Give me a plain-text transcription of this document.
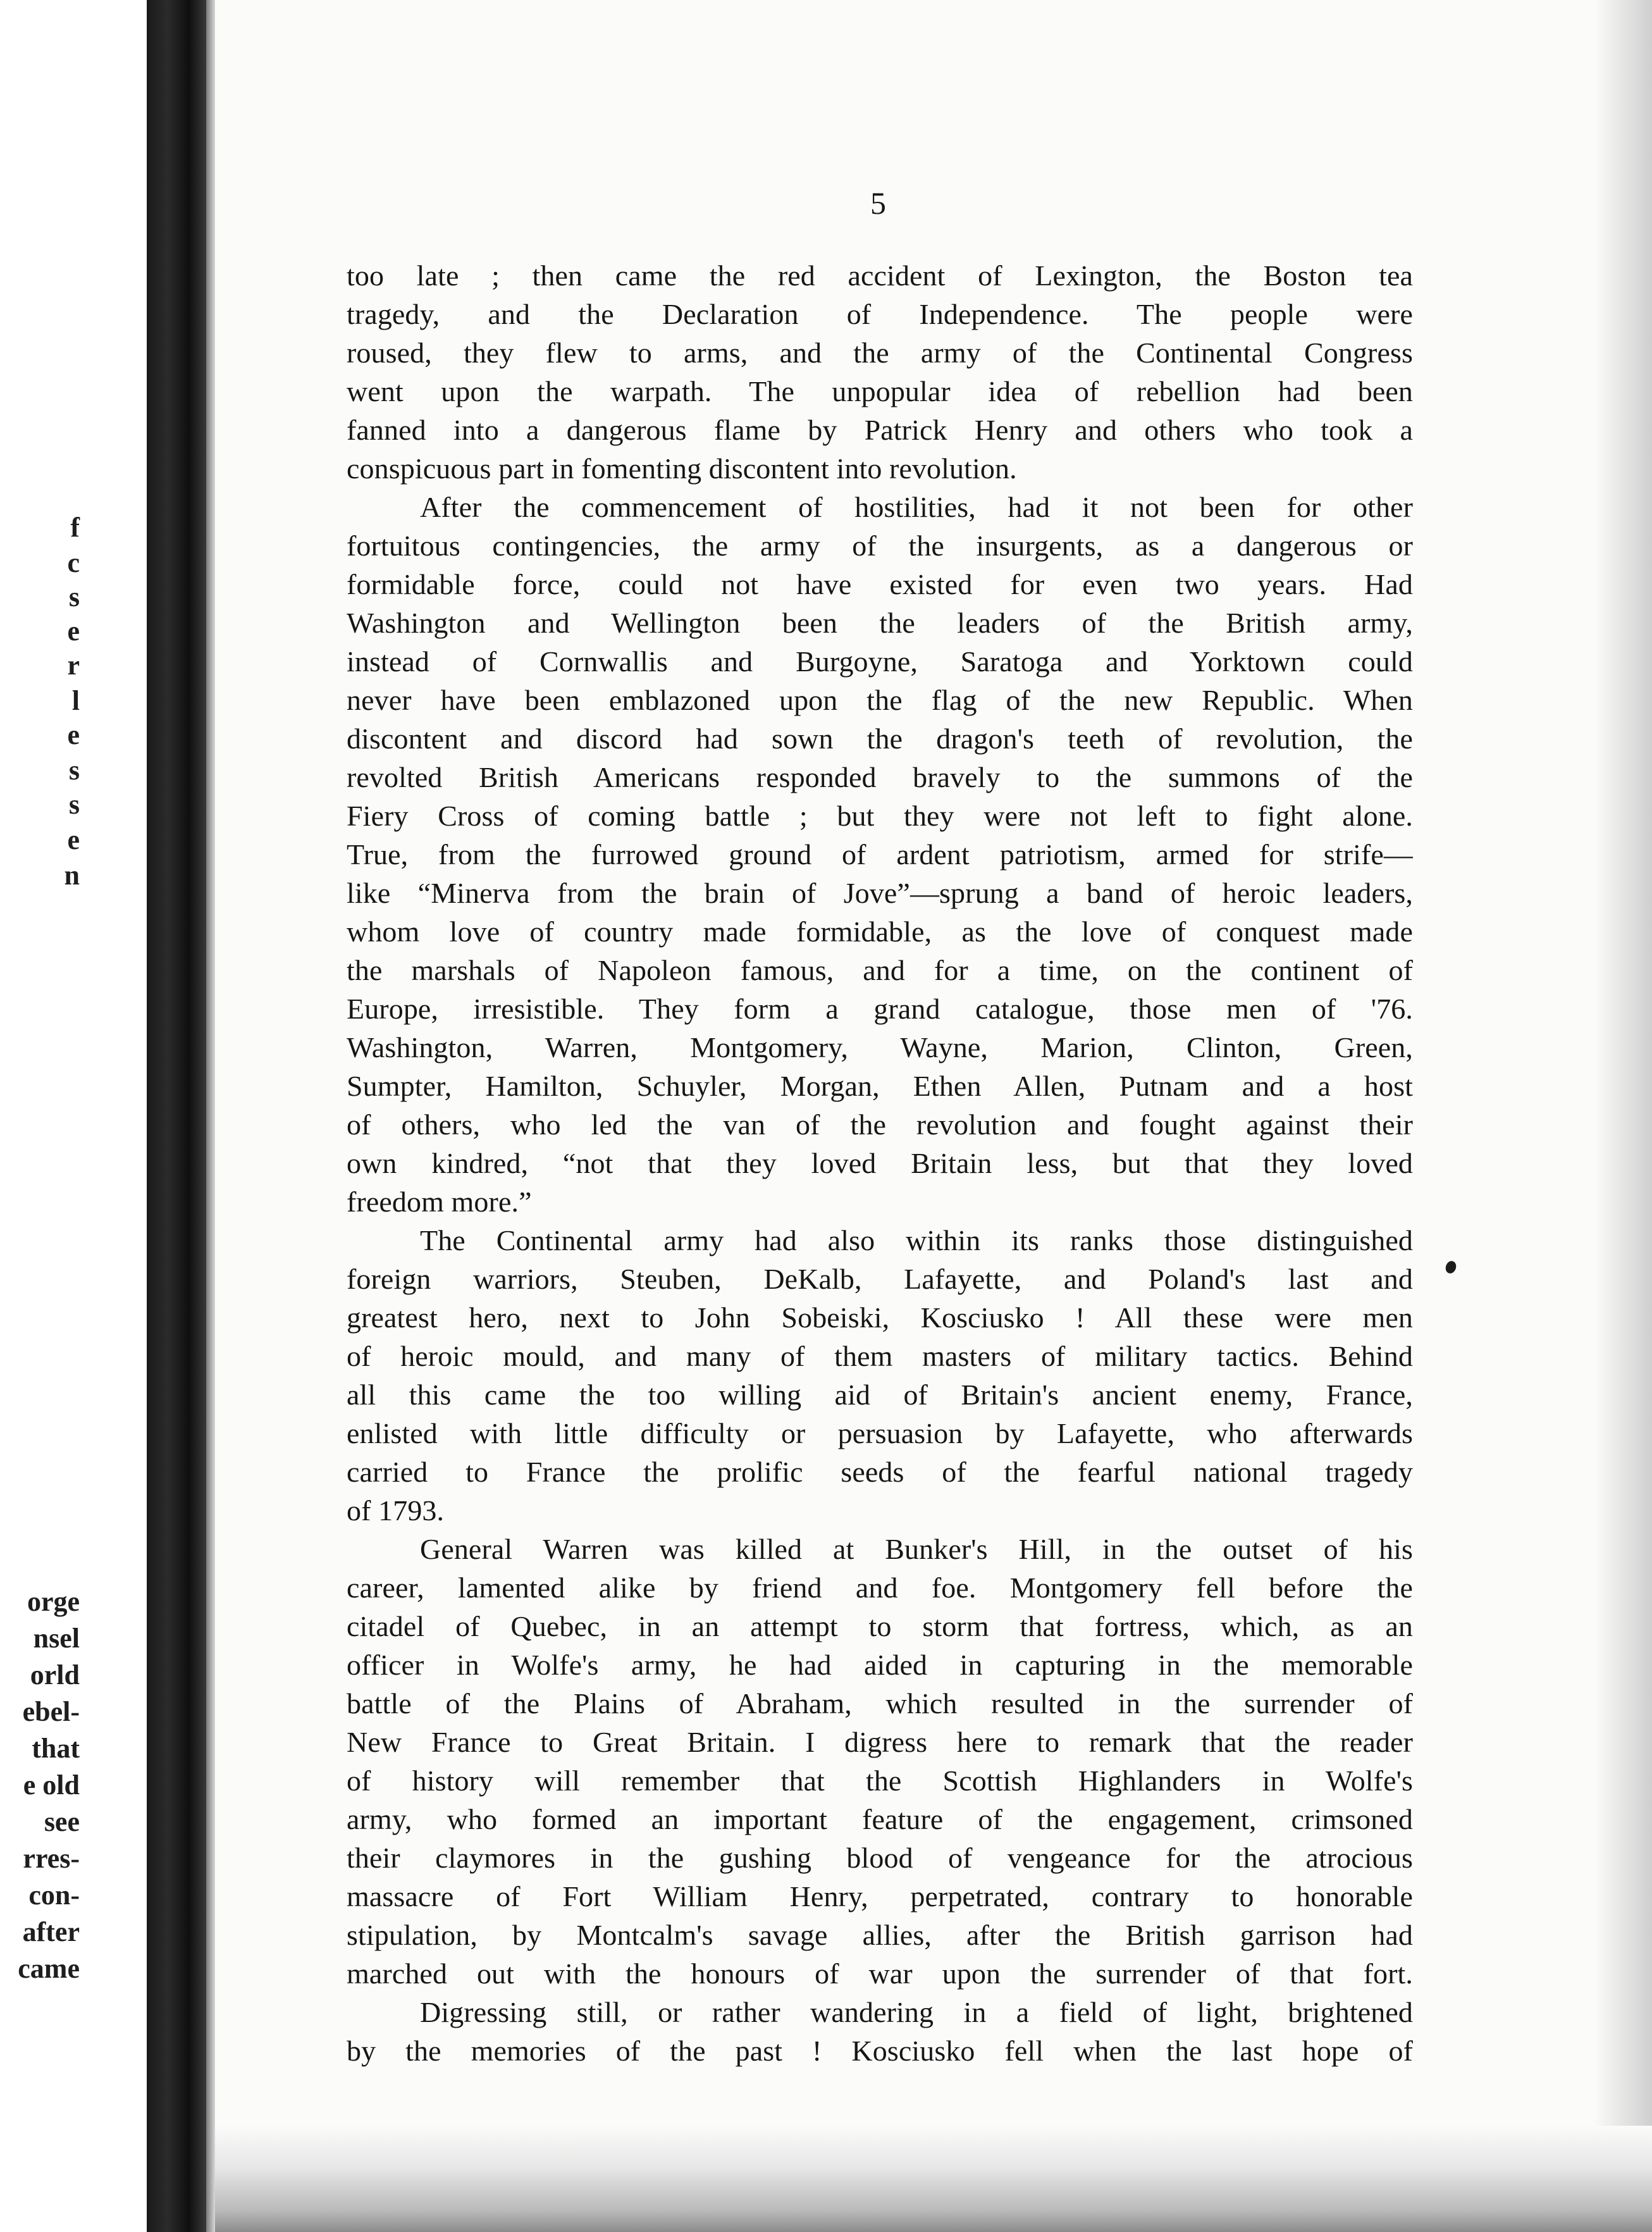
f
c
s
e
r
l
e
s
s
e
n
orge
nsel
orld
ebel-
that
e old
see
rres-
con-
after
came
5
too late ; then came the red accident of Lexington, the Boston tea
tragedy, and the Declaration of Independence. The people were
roused, they flew to arms, and the army of the Continental Congress
went upon the warpath. The unpopular idea of rebellion had been
fanned into a dangerous flame by Patrick Henry and others who took a
conspicuous part in fomenting discontent into revolution.
After the commencement of hostilities, had it not been for other
fortuitous contingencies, the army of the insurgents, as a dangerous or
formidable force, could not have existed for even two years. Had
Washington and Wellington been the leaders of the British army,
instead of Cornwallis and Burgoyne, Saratoga and Yorktown could
never have been emblazoned upon the flag of the new Republic. When
discontent and discord had sown the dragon's teeth of revolution, the
revolted British Americans responded bravely to the summons of the
Fiery Cross of coming battle ; but they were not left to fight alone.
True, from the furrowed ground of ardent patriotism, armed for strife—
like “Minerva from the brain of Jove”—sprung a band of heroic leaders,
whom love of country made formidable, as the love of conquest made
the marshals of Napoleon famous, and for a time, on the continent of
Europe, irresistible. They form a grand catalogue, those men of '76.
Washington, Warren, Montgomery, Wayne, Marion, Clinton, Green,
Sumpter, Hamilton, Schuyler, Morgan, Ethen Allen, Putnam and a host
of others, who led the van of the revolution and fought against their
own kindred, “not that they loved Britain less, but that they loved
freedom more.”
The Continental army had also within its ranks those distinguished
foreign warriors, Steuben, DeKalb, Lafayette, and Poland's last and
greatest hero, next to John Sobeiski, Kosciusko ! All these were men
of heroic mould, and many of them masters of military tactics. Behind
all this came the too willing aid of Britain's ancient enemy, France,
enlisted with little difficulty or persuasion by Lafayette, who afterwards
carried to France the prolific seeds of the fearful national tragedy
of 1793.
General Warren was killed at Bunker's Hill, in the outset of his
career, lamented alike by friend and foe. Montgomery fell before the
citadel of Quebec, in an attempt to storm that fortress, which, as an
officer in Wolfe's army, he had aided in capturing in the memorable
battle of the Plains of Abraham, which resulted in the surrender of
New France to Great Britain. I digress here to remark that the reader
of history will remember that the Scottish Highlanders in Wolfe's
army, who formed an important feature of the engagement, crimsoned
their claymores in the gushing blood of vengeance for the atrocious
massacre of Fort William Henry, perpetrated, contrary to honorable
stipulation, by Montcalm's savage allies, after the British garrison had
marched out with the honours of war upon the surrender of that fort.
Digressing still, or rather wandering in a field of light, brightened
by the memories of the past ! Kosciusko fell when the last hope of
